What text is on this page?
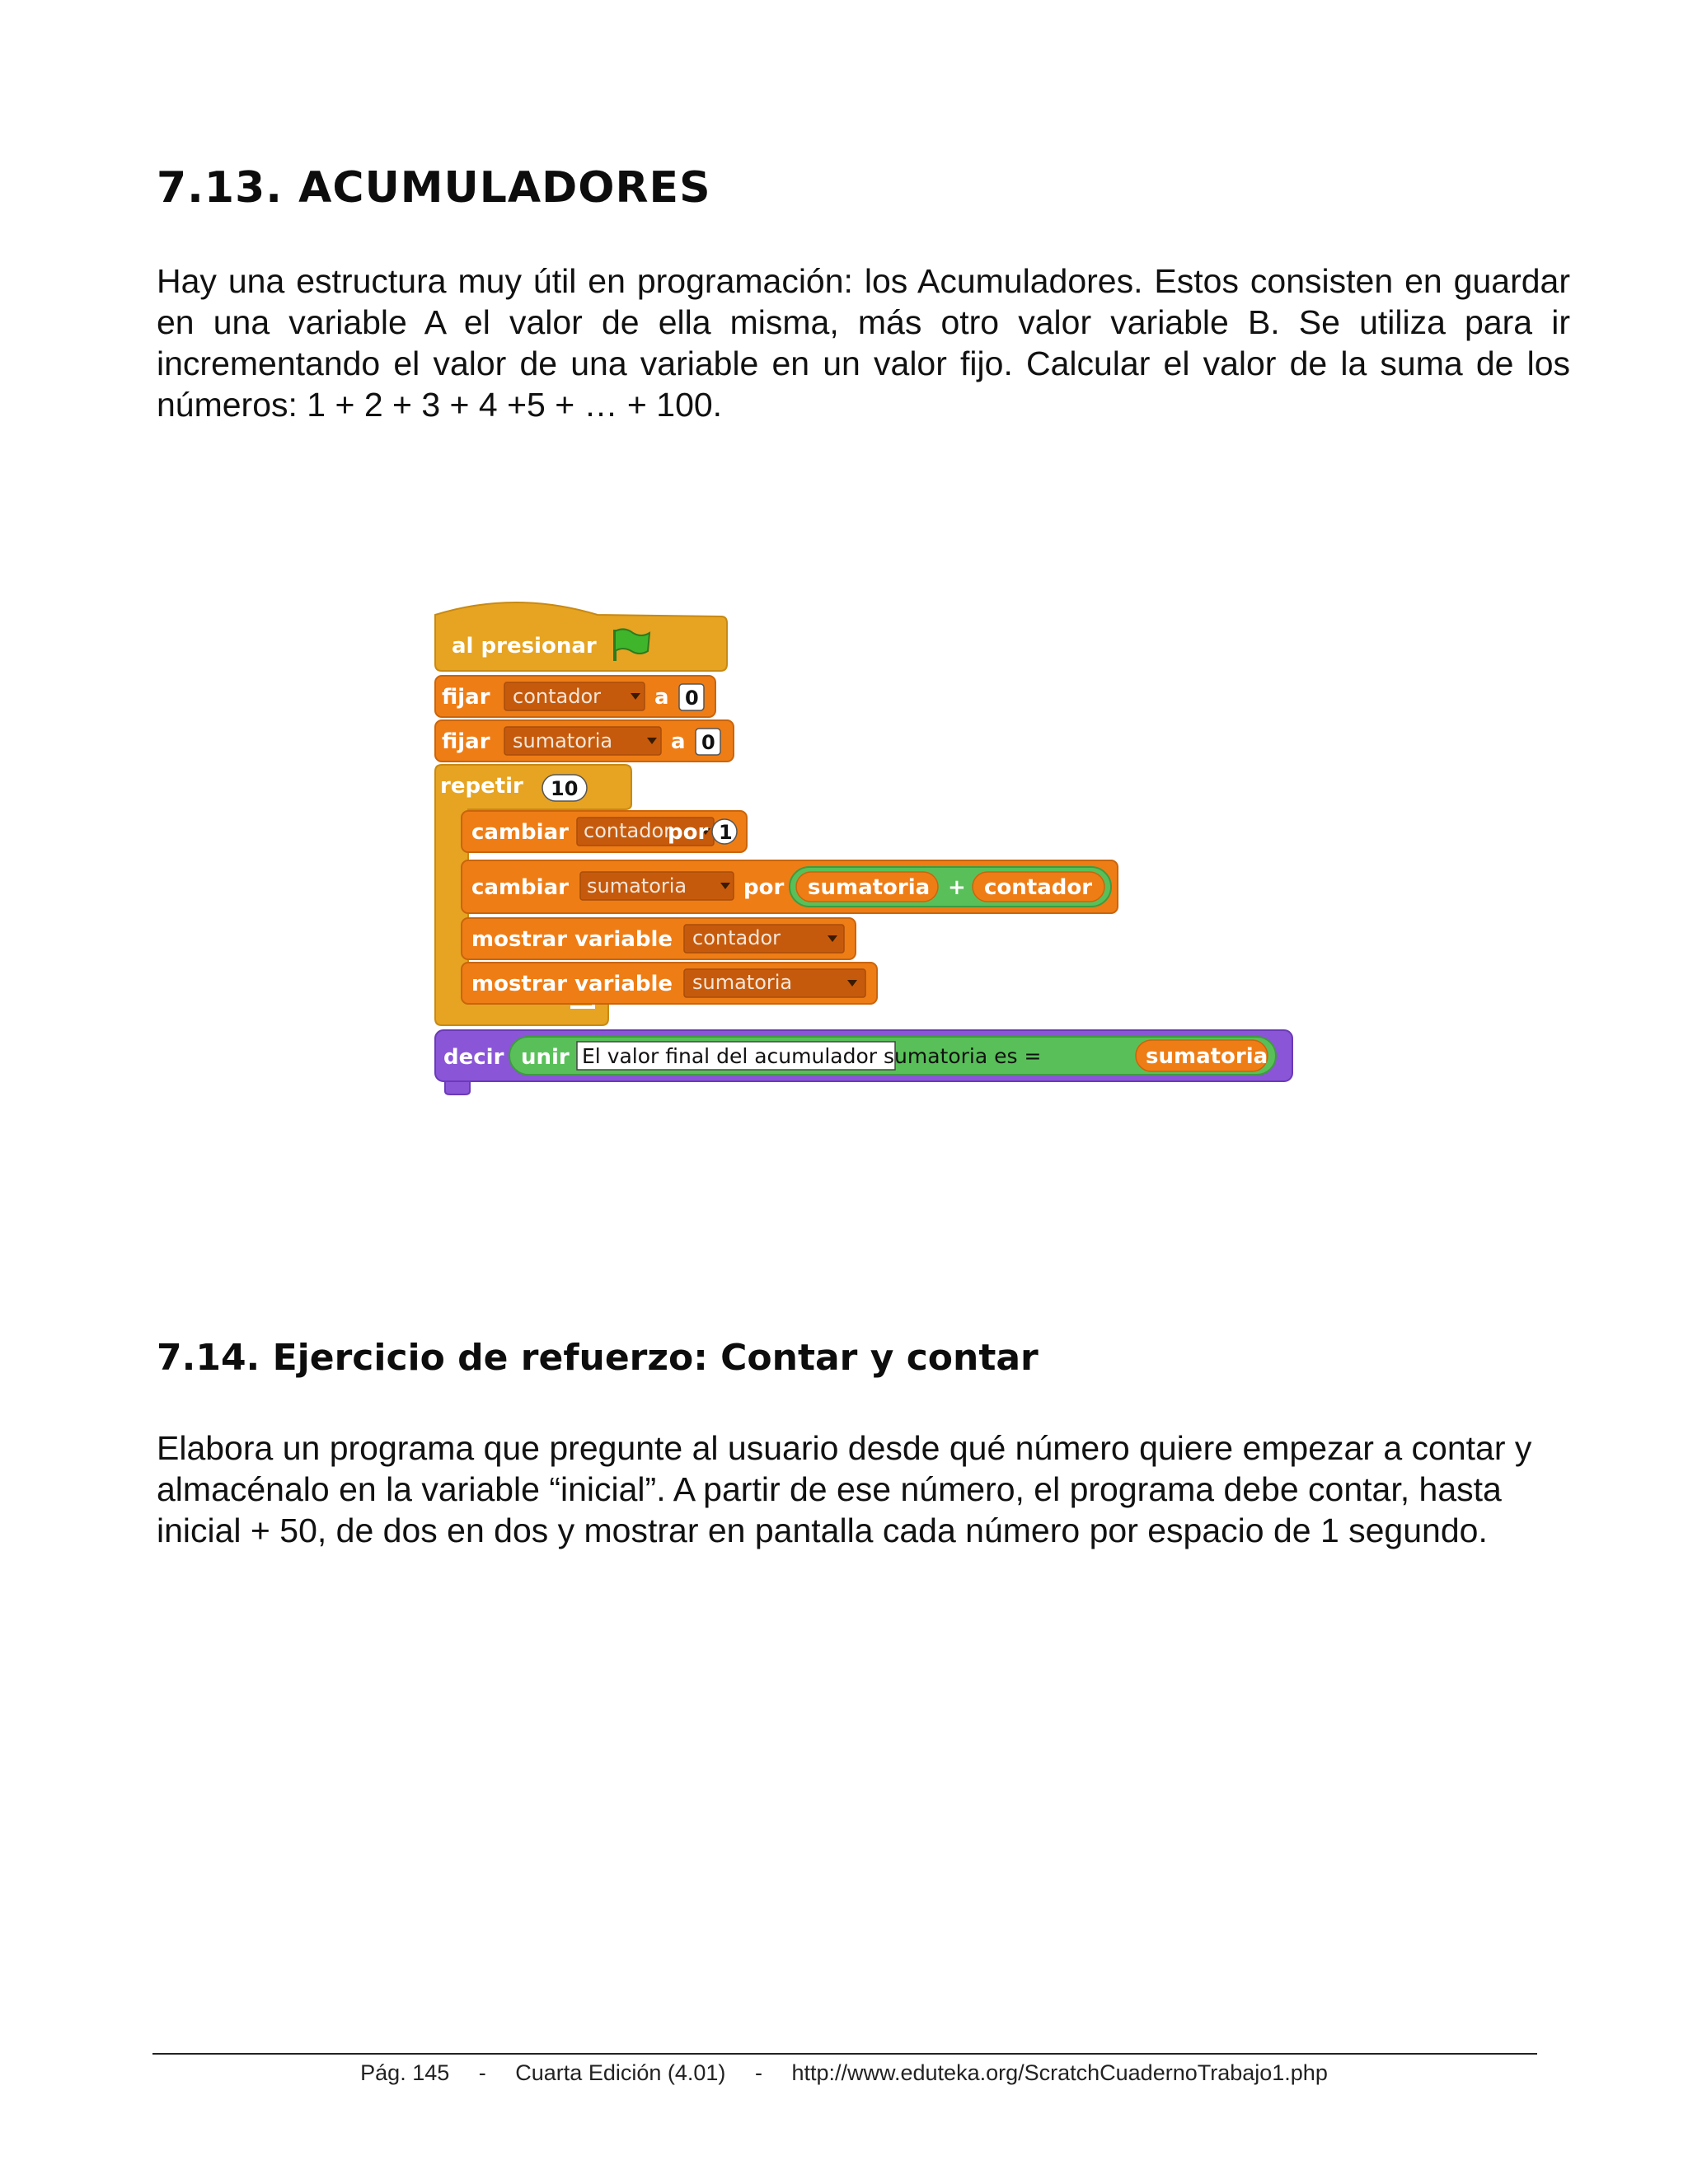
7.13. ACUMULADORES

Hay una estructura muy útil en programación: los Acumuladores. Estos consisten en guardar en una variable A el valor de ella misma, más otro valor variable B. Se utiliza para ir incrementando el valor de una variable en un valor fijo. Calcular el valor de la suma de los números: 1 + 2 + 3 + 4 +5 + … + 100.

al presionar
fijar contador	a 0
fijar sumatoria	a 0
repetir 10
cambiar contador
por
cambiar sumatoria	por sumatoria + contador
mostrar variable contador
mostrar variable sumatoria
decir unir El valor final del acumulador sumatoria es =	sumatoria
1
7.14. Ejercicio de refuerzo: Contar y contar

Elabora un programa que pregunte al usuario desde qué número quiere empezar a contar y almacénalo en la variable “inicial”. A partir de ese número, el programa debe contar, hasta inicial + 50, de dos en dos y mostrar en pantalla cada número por espacio de 1 segundo.

Pág. 145 - Cuarta Edición (4.01) - http://www.eduteka.org/ScratchCuadernoTrabajo1.php
